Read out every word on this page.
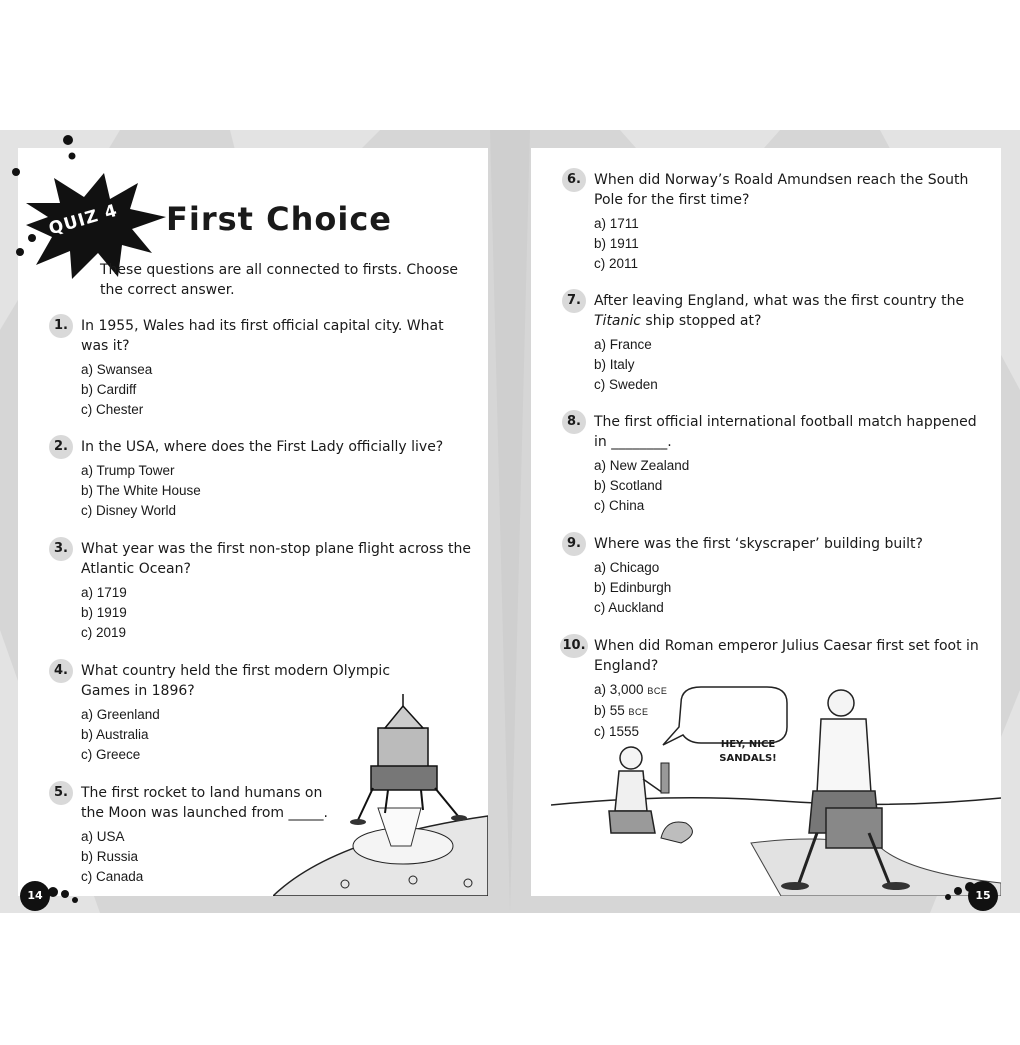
QUIZ 4 First Choice
These questions are all connected to firsts. Choose the correct answer.
1. In 1955, Wales had its first official capital city. What was it?
a) Swansea
b) Cardiff
c) Chester
2. In the USA, where does the First Lady officially live?
a) Trump Tower
b) The White House
c) Disney World
3. What year was the first non-stop plane flight across the Atlantic Ocean?
a) 1719
b) 1919
c) 2019
4. What country held the first modern Olympic Games in 1896?
a) Greenland
b) Australia
c) Greece
5. The first rocket to land humans on the Moon was launched from _____.
a) USA
b) Russia
c) Canada
14
6. When did Norway’s Roald Amundsen reach the South Pole for the first time?
a) 1711
b) 1911
c) 2011
7. After leaving England, what was the first country the Titanic ship stopped at?
a) France
b) Italy
c) Sweden
8. The first official international football match happened in ________.
a) New Zealand
b) Scotland
c) China
9. Where was the first ‘skyscraper’ building built?
a) Chicago
b) Edinburgh
c) Auckland
10. When did Roman emperor Julius Caesar first set foot in England?
a) 3,000 BCE
b) 55 BCE
c) 1555
HEY, NICE SANDALS!
15
